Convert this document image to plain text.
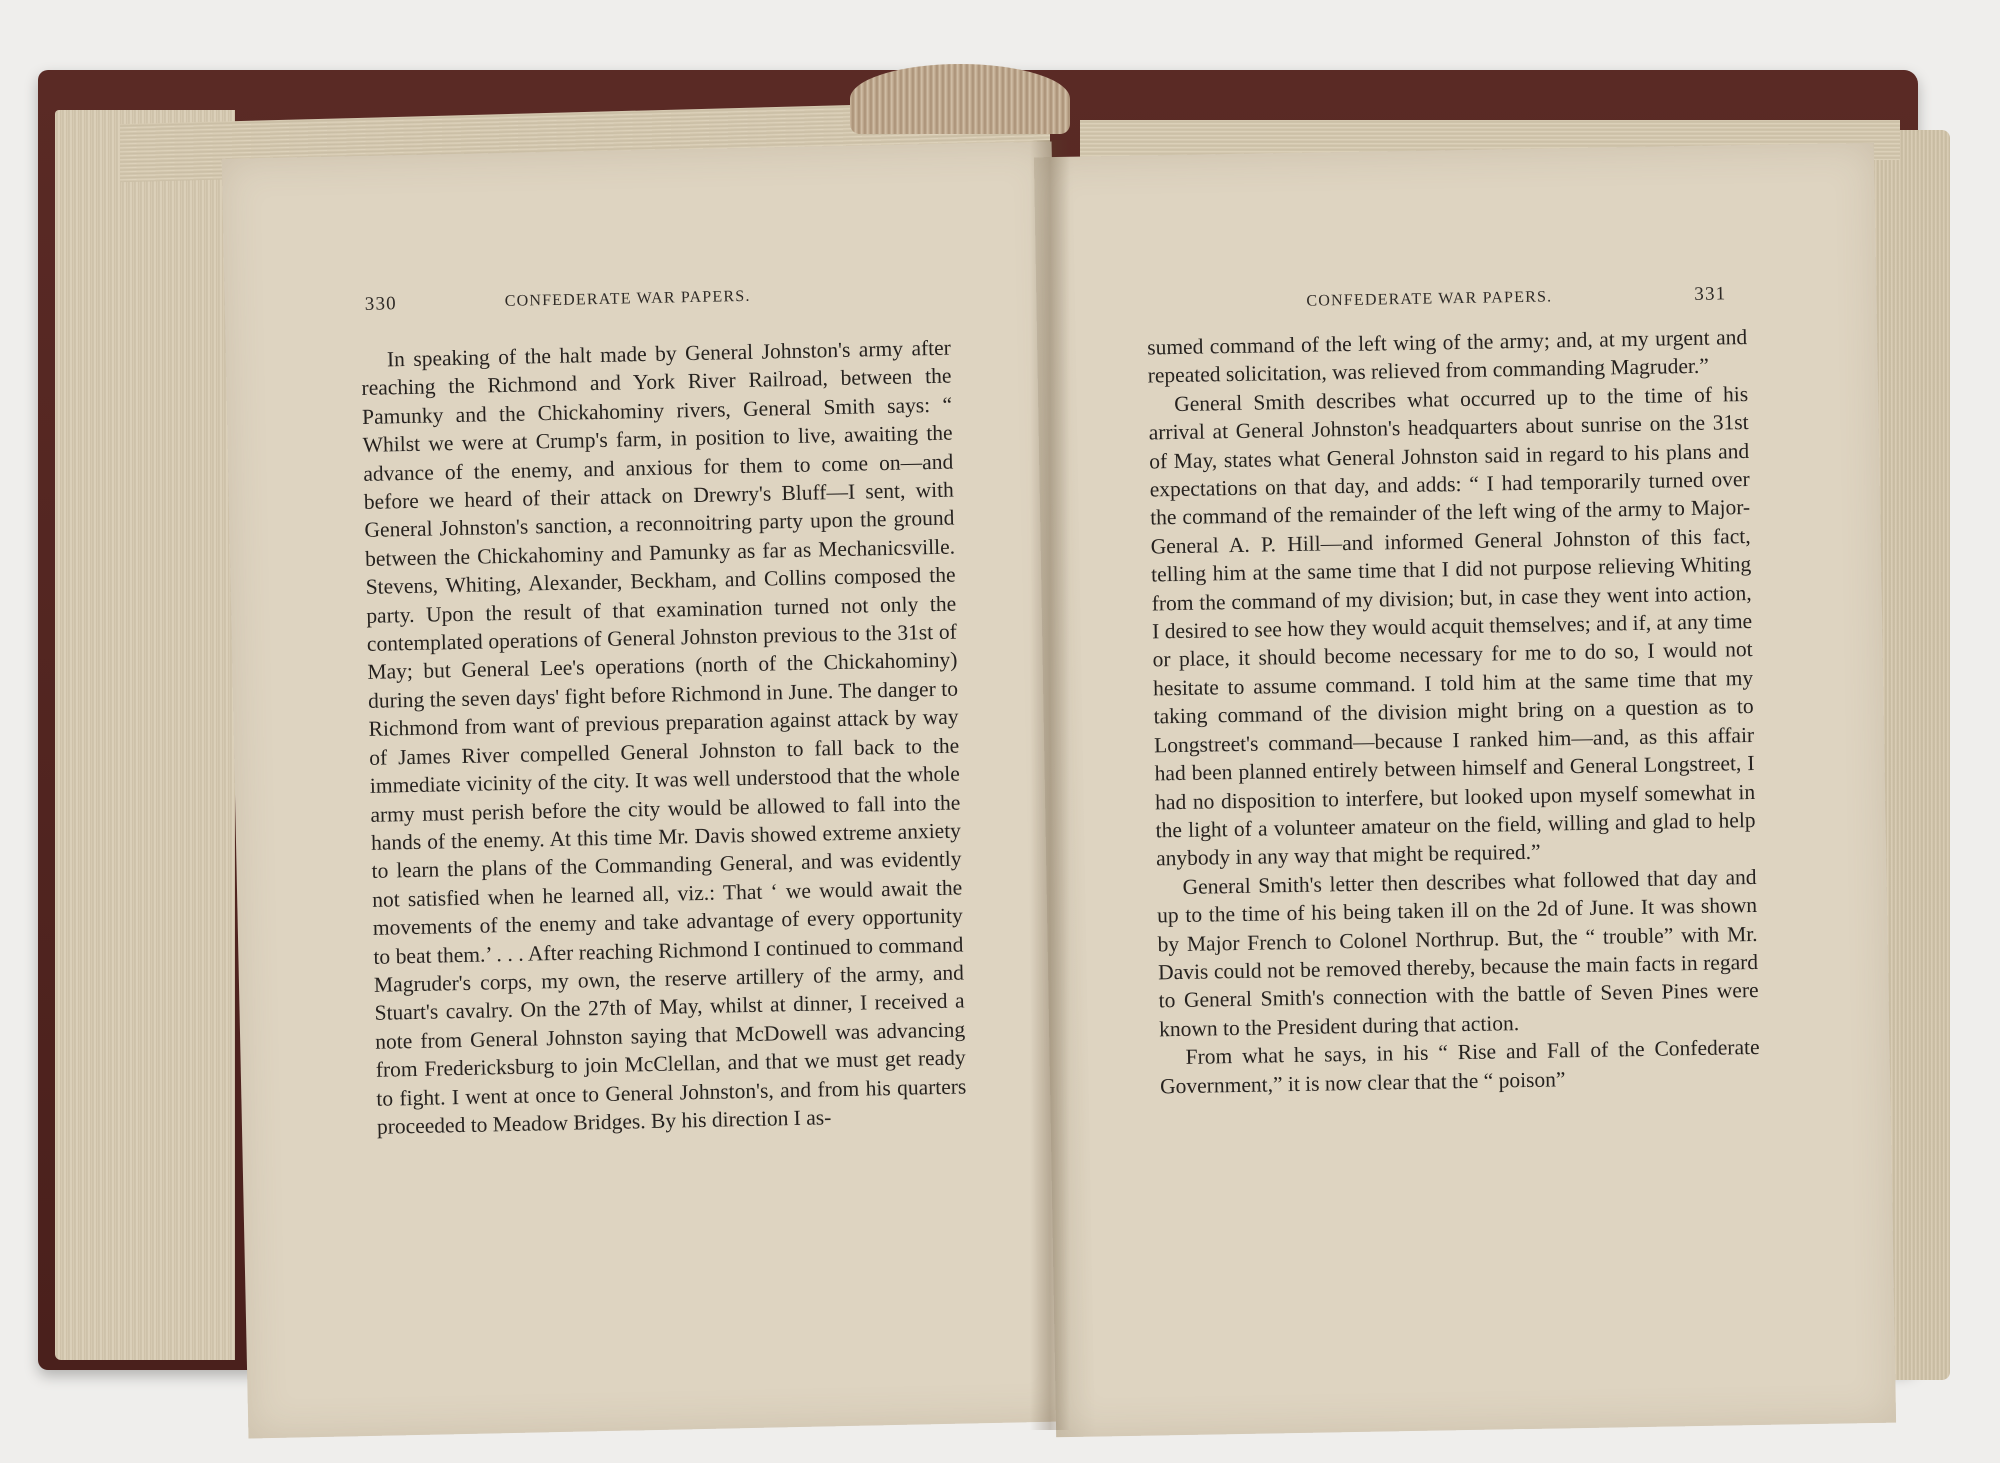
330	CONFEDERATE WAR PAPERS.

In speaking of the halt made by General Johnston's army after reaching the Richmond and York River Railroad, between the Pamunky and the Chickahominy rivers, General Smith says: “ Whilst we were at Crump's farm, in position to live, awaiting the advance of the enemy, and anxious for them to come on—and before we heard of their attack on Drewry's Bluff—I sent, with General Johnston's sanction, a reconnoitring party upon the ground between the Chickahominy and Pamunky as far as Mechanicsville. Stevens, Whiting, Alexander, Beckham, and Collins composed the party. Upon the result of that examination turned not only the contemplated operations of General Johnston previous to the 31st of May; but General Lee's operations (north of the Chickahominy) during the seven days' fight before Richmond in June. The danger to Richmond from want of previous preparation against attack by way of James River compelled General Johnston to fall back to the immediate vicinity of the city. It was well understood that the whole army must perish before the city would be allowed to fall into the hands of the enemy. At this time Mr. Davis showed extreme anxiety to learn the plans of the Commanding General, and was evidently not satisfied when he learned all, viz.: That ‘ we would await the movements of the enemy and take advantage of every opportunity to beat them.’ . . . After reaching Richmond I continued to command Magruder's corps, my own, the reserve artillery of the army, and Stuart's cavalry. On the 27th of May, whilst at dinner, I received a note from General Johnston saying that McDowell was advancing from Fredericksburg to join McClellan, and that we must get ready to fight. I went at once to General Johnston's, and from his quarters proceeded to Meadow Bridges. By his direction I as-

CONFEDERATE WAR PAPERS.	331

sumed command of the left wing of the army; and, at my urgent and repeated solicitation, was relieved from commanding Magruder.”

General Smith describes what occurred up to the time of his arrival at General Johnston's headquarters about sunrise on the 31st of May, states what General Johnston said in regard to his plans and expectations on that day, and adds: “ I had temporarily turned over the command of the remainder of the left wing of the army to Major-General A. P. Hill—and informed General Johnston of this fact, telling him at the same time that I did not purpose relieving Whiting from the command of my division; but, in case they went into action, I desired to see how they would acquit themselves; and if, at any time or place, it should become necessary for me to do so, I would not hesitate to assume command. I told him at the same time that my taking command of the division might bring on a question as to Longstreet's command—because I ranked him—and, as this affair had been planned entirely between himself and General Longstreet, I had no disposition to interfere, but looked upon myself somewhat in the light of a volunteer amateur on the field, willing and glad to help anybody in any way that might be required.”

General Smith's letter then describes what followed that day and up to the time of his being taken ill on the 2d of June. It was shown by Major French to Colonel Northrup. But, the “ trouble” with Mr. Davis could not be removed thereby, because the main facts in regard to General Smith's connection with the battle of Seven Pines were known to the President during that action.

From what he says, in his “ Rise and Fall of the Confederate Government,” it is now clear that the “ poison”
